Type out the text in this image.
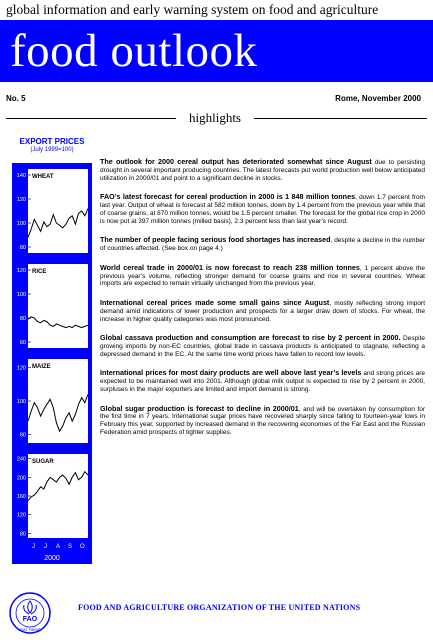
global information and early warning system on food and agriculture
food outlook
No. 5	Rome, November 2000
highlights
EXPORT PRICES
(July 1999=100)
140
120
100
80
WHEAT
120
100
80
60
RICE
120
100
80
MAIZE
240
200
160
120
80
SUGAR
J J A S O
2000

The outlook for 2000 cereal output has deteriorated somewhat since August due to persisting drought in several important producing countries. The latest forecasts put world production well below anticipated utilization in 2000/01 and point to a significant decline in stocks.

FAO’s latest forecast for cereal production in 2000 is 1 848 million tonnes, down 1.7 percent from last year. Output of wheat is forecast at 582 million tonnes, down by 1.4 percent from the previous year while that of coarse grains, at 870 million tonnes, would be 1.5 percent smaller. The forecast for the global rice crop in 2000 is now put at 397 million tonnes (milled basis), 2.3 percent less than last year’s record.

The number of people facing serious food shortages has increased, despite a decline in the number of countries affected. (See box on page 4.)

World cereal trade in 2000/01 is now forecast to reach 238 million tonnes, 1 percent above the previous year’s volume, reflecting stronger demand for coarse grains and rice in several countries. Wheat imports are expected to remain virtually unchanged from the previous year.

International cereal prices made some small gains since August, mostly reflecting strong import demand amid indications of lower production and prospects for a larger draw down of stocks. For wheat, the increase in higher quality categories was most pronounced.

Global cassava production and consumption are forecast to rise by 2 percent in 2000. Despite growing imports by non-EC countries, global trade in cassava products is anticipated to stagnate, reflecting a depressed demand in the EC. At the same time world prices have fallen to record low levels.

International prices for most dairy products are well above last year’s levels and strong prices are expected to be maintained well into 2001. Although global milk output is expected to rise by 2 percent in 2000, surpluses in the major exporters are limited and import demand is strong.

Global sugar production is forecast to decline in 2000/01, and will be overtaken by consumption for the first time in 7 years. International sugar prices have recovered sharply since falling to fourteen-year lows in February this year, supported by increased demand in the recovering economies of the Far East and the Russian Federation amid prospects of tighter supplies.

FAO
FIAT PANIS
FOOD AND AGRICULTURE ORGANIZATION OF THE UNITED NATIONS
